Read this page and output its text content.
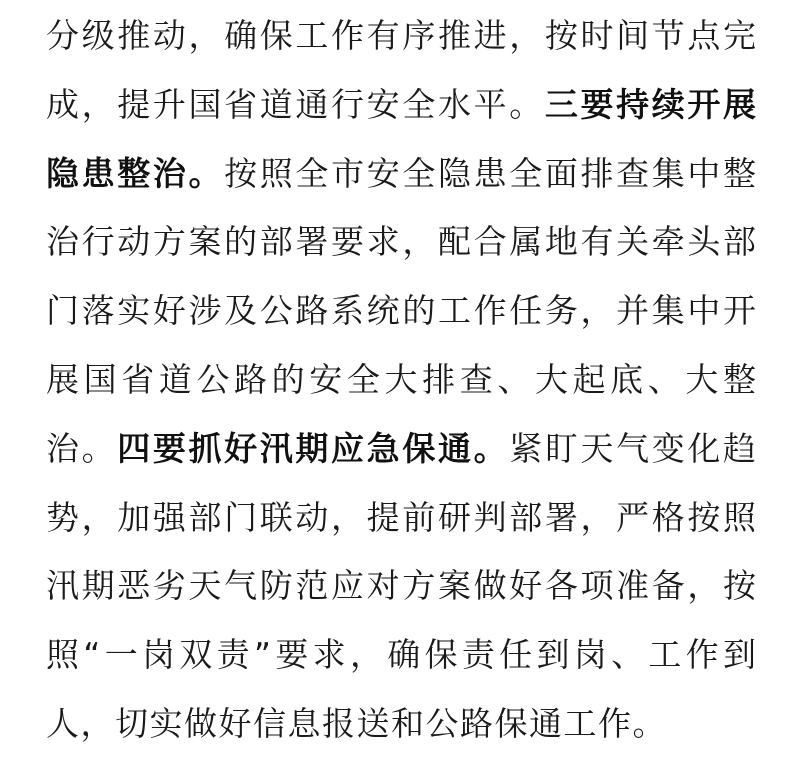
分级推动，确保工作有序推进，按时间节点完
成，提升国省道通行安全水平。三要持续开展
隐患整治。按照全市安全隐患全面排查集中整
治行动方案的部署要求，配合属地有关牵头部
门落实好涉及公路系统的工作任务，并集中开
展国省道公路的安全大排查、大起底、大整
治。四要抓好汛期应急保通。紧盯天气变化趋
势，加强部门联动，提前研判部署，严格按照
汛期恶劣天气防范应对方案做好各项准备，按
照“一岗双责”要求，确保责任到岗、工作到
人，切实做好信息报送和公路保通工作。
